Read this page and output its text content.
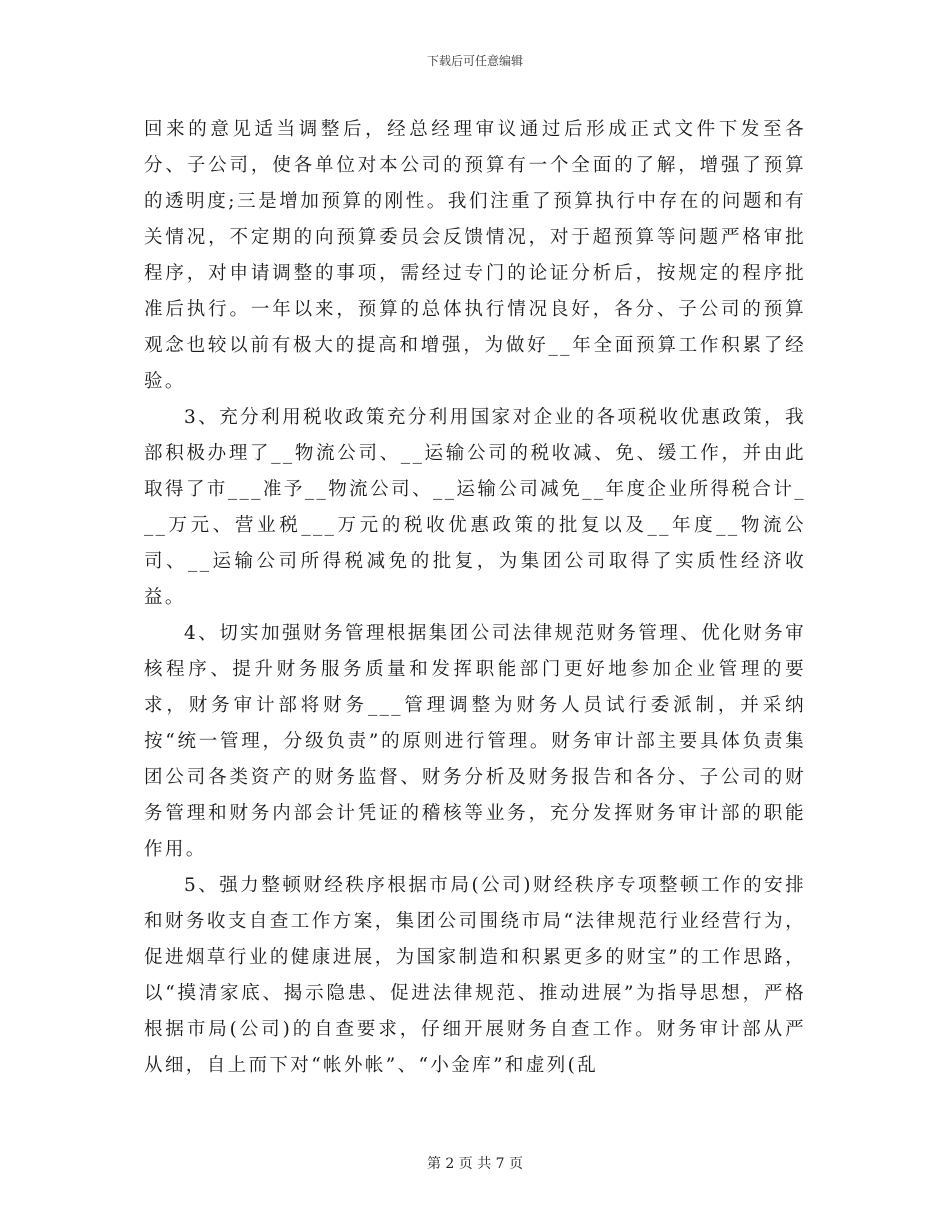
下载后可任意编辑

回来的意见适当调整后，经总经理审议通过后形成正式文件下发至各分、子公司，使各单位对本公司的预算有一个全面的了解，增强了预算的透明度;三是增加预算的刚性。我们注重了预算执行中存在的问题和有关情况，不定期的向预算委员会反馈情况，对于超预算等问题严格审批程序，对申请调整的事项，需经过专门的论证分析后，按规定的程序批准后执行。一年以来，预算的总体执行情况良好，各分、子公司的预算观念也较以前有极大的提高和增强，为做好__年全面预算工作积累了经验。

3、充分利用税收政策充分利用国家对企业的各项税收优惠政策，我部积极办理了__物流公司、__运输公司的税收减、免、缓工作，并由此取得了市___准予__物流公司、__运输公司减免__年度企业所得税合计___万元、营业税___万元的税收优惠政策的批复以及__年度__物流公司、__运输公司所得税减免的批复，为集团公司取得了实质性经济收益。

4、切实加强财务管理根据集团公司法律规范财务管理、优化财务审核程序、提升财务服务质量和发挥职能部门更好地参加企业管理的要求，财务审计部将财务___管理调整为财务人员试行委派制，并采纳按“统一管理，分级负责”的原则进行管理。财务审计部主要具体负责集团公司各类资产的财务监督、财务分析及财务报告和各分、子公司的财务管理和财务内部会计凭证的稽核等业务，充分发挥财务审计部的职能作用。

5、强力整顿财经秩序根据市局(公司)财经秩序专项整顿工作的安排和财务收支自查工作方案，集团公司围绕市局“法律规范行业经营行为，促进烟草行业的健康进展，为国家制造和积累更多的财宝”的工作思路，以“摸清家底、揭示隐患、促进法律规范、推动进展”为指导思想，严格根据市局(公司)的自查要求，仔细开展财务自查工作。财务审计部从严从细，自上而下对“帐外帐”、“小金库”和虚列(乱

第 2 页 共 7 页
